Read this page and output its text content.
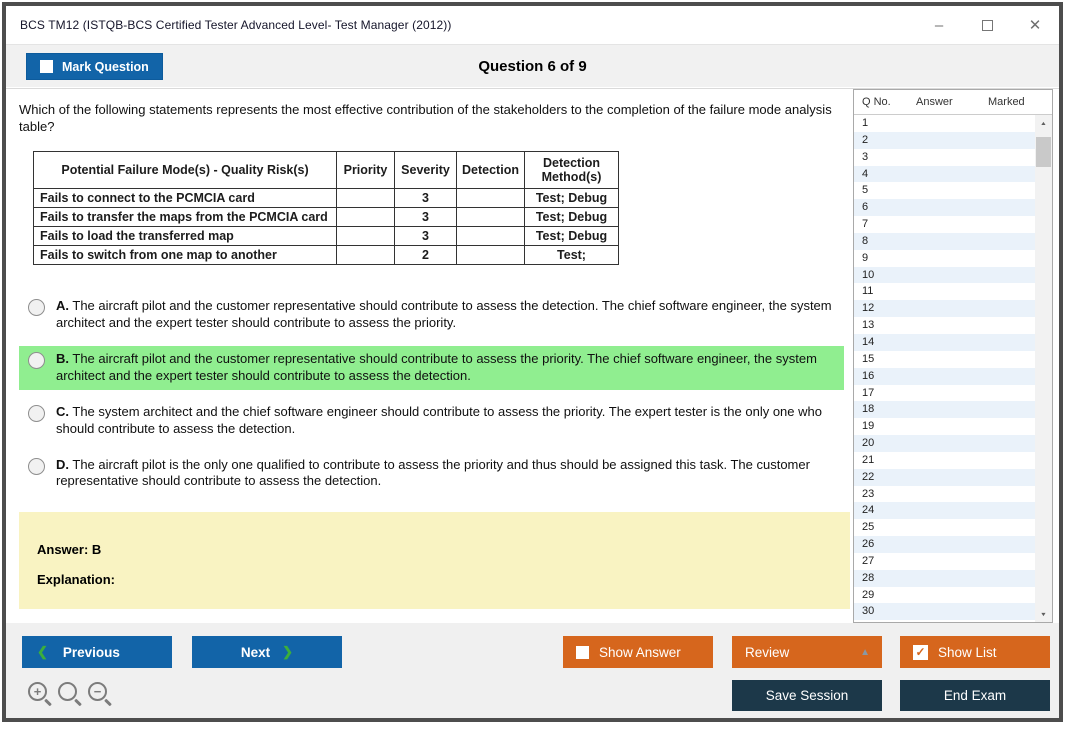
BCS TM12 (ISTQB-BCS Certified Tester Advanced Level- Test Manager (2012))	–	✕
Mark Question	Question 6 of 9
Which of the following statements represents the most effective contribution of the stakeholders to the completion of the failure mode analysis table?
Potential Failure Mode(s) - Quality Risk(s)	Priority	Severity	Detection	Detection Method(s)
Fails to connect to the PCMCIA card		3		Test; Debug
Fails to transfer the maps from the PCMCIA card		3		Test; Debug
Fails to load the transferred map		3		Test; Debug
Fails to switch from one map to another		2		Test;
A. The aircraft pilot and the customer representative should contribute to assess the detection. The chief software engineer, the system architect and the expert tester should contribute to assess the priority.
B. The aircraft pilot and the customer representative should contribute to assess the priority. The chief software engineer, the system architect and the expert tester should contribute to assess the detection.
C. The system architect and the chief software engineer should contribute to assess the priority. The expert tester is the only one who should contribute to assess the detection.
D. The aircraft pilot is the only one qualified to contribute to assess the priority and thus should be assigned this task. The customer representative should contribute to assess the detection.
Answer: B
Explanation:
Q No.	Answer	Marked
1
2
3
4
5
6
7
8
9
10
11
12
13
14
15
16
17
18
19
20
21
22
23
24
25
26
27
28
29
30
▲
▼
❮ Previous	Next ❯	Show Answer	Review	▲	✓ Show List
Save Session	End Exam
+	−
